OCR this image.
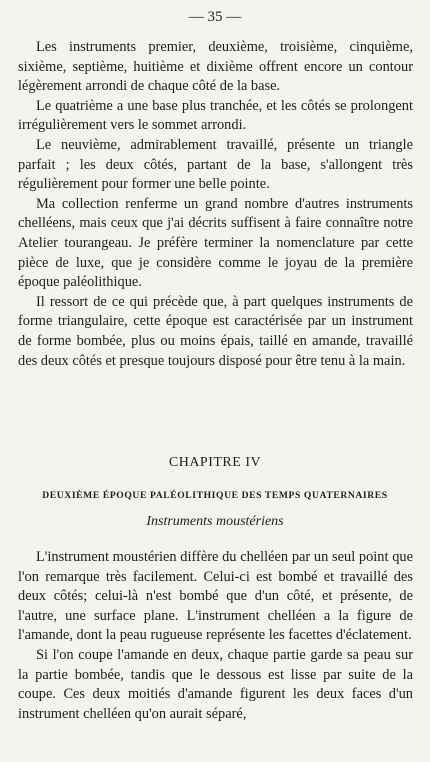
— 35 —

Les instruments premier, deuxième, troisième, cinquième, sixième, septième, huitième et dixième offrent encore un contour légèrement arrondi de chaque côté de la base.

Le quatrième a une base plus tranchée, et les côtés se prolongent irrégulièrement vers le sommet arrondi.

Le neuvième, admirablement travaillé, présente un triangle parfait ; les deux côtés, partant de la base, s'allongent très régulièrement pour former une belle pointe.

Ma collection renferme un grand nombre d'autres instruments chelléens, mais ceux que j'ai décrits suffisent à faire connaître notre Atelier tourangeau. Je préfère terminer la nomenclature par cette pièce de luxe, que je considère comme le joyau de la première époque paléolithique.

Il ressort de ce qui précède que, à part quelques instruments de forme triangulaire, cette époque est caractérisée par un instrument de forme bombée, plus ou moins épais, taillé en amande, travaillé des deux côtés et presque toujours disposé pour être tenu à la main.

CHAPITRE IV
DEUXIÈME ÉPOQUE PALÉOLITHIQUE DES TEMPS QUATERNAIRES
Instruments moustériens

L'instrument moustérien diffère du chelléen par un seul point que l'on remarque très facilement. Celui-ci est bombé et travaillé des deux côtés; celui-là n'est bombé que d'un côté, et présente, de l'autre, une surface plane. L'instrument chelléen a la figure de l'amande, dont la peau rugueuse représente les facettes d'éclatement.

Si l'on coupe l'amande en deux, chaque partie garde sa peau sur la partie bombée, tandis que le dessous est lisse par suite de la coupe. Ces deux moitiés d'amande figurent les deux faces d'un instrument chelléen qu'on aurait séparé,
